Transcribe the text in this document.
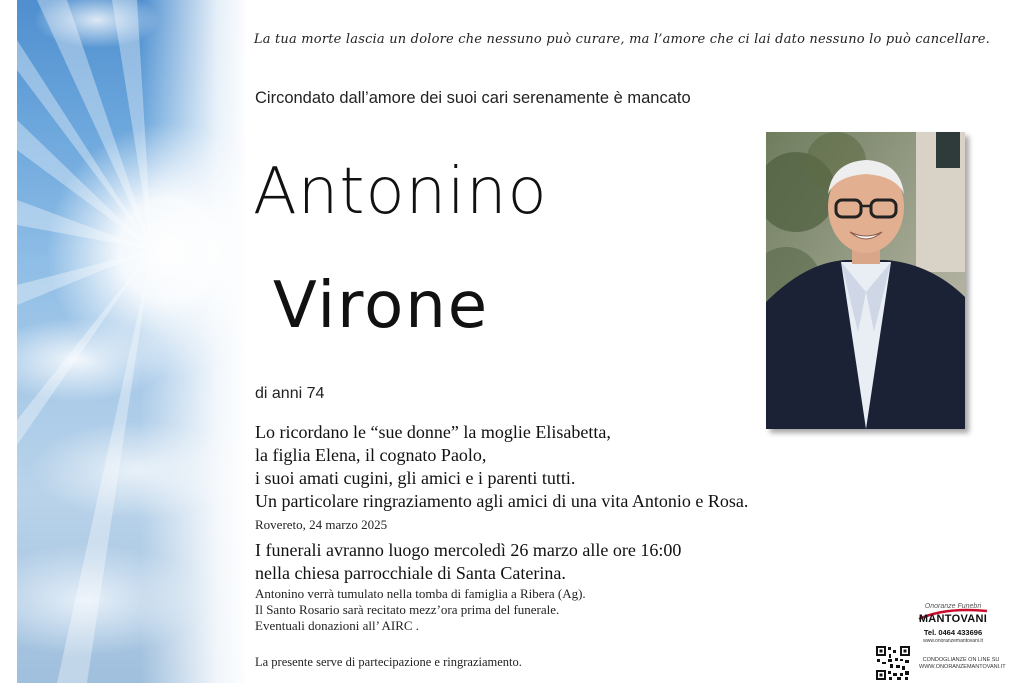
La tua morte lascia un dolore che nessuno può curare, ma l’amore che ci lai dato nessuno lo può cancellare.
Circondato dall’amore dei suoi cari serenamente è mancato
Antonino
Virone
di anni 74
Lo ricordano le “sue donne” la moglie Elisabetta,
la figlia Elena, il cognato Paolo,
i suoi amati cugini, gli amici e i parenti tutti.
Un particolare ringraziamento agli amici di una vita Antonio e Rosa.
Rovereto, 24 marzo 2025
I funerali avranno luogo mercoledì 26 marzo alle ore 16:00
nella chiesa parrocchiale di Santa Caterina.
Antonino verrà tumulato nella tomba di famiglia a Ribera (Ag).
Il Santo Rosario sarà recitato mezz’ora prima del funerale.
Eventuali donazioni all’ AIRC .
La presente serve di partecipazione e ringraziamento.
Onoranze Funebri
MANTOVANI
Tel. 0464 433696
www.onoranzemantovani.it
CONDOGLIANZE ON LINE SU WWW.ONORANZEMANTOVANI.IT
